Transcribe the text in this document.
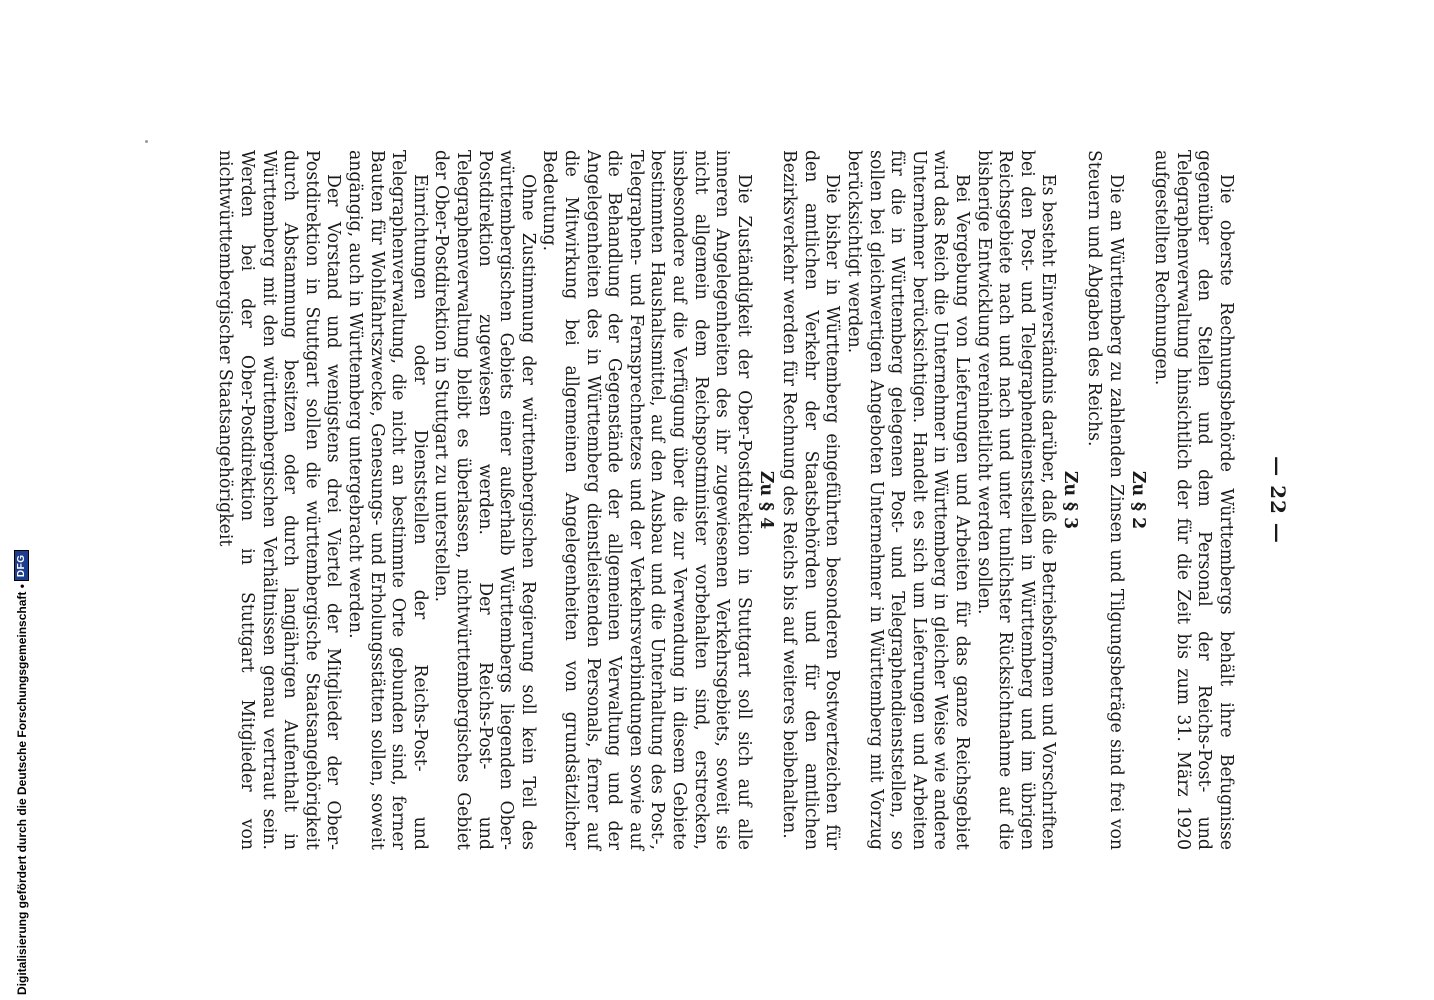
— 22 —

Die oberste Rechnungsbehörde Württembergs behält ihre Befugnisse gegenüber den Stellen und dem Personal der Reichs-Post- und Telegraphenverwaltung hinsichtlich der für die Zeit bis zum 31. März 1920 aufgestellten Rechnungen.

Zu § 2

Die an Württemberg zu zahlenden Zinsen und Tilgungsbeträge sind frei von Steuern und Abgaben des Reichs.

Zu § 3

Es besteht Einverständnis darüber, daß die Betriebsformen und Vorschriften bei den Post- und Telegraphendienststellen in Württemberg und im übrigen Reichsgebiete nach und nach und unter tunlichster Rücksichtnahme auf die bisherige Entwicklung vereinheitlicht werden sollen.

Bei Vergebung von Lieferungen und Arbeiten für das ganze Reichsgebiet wird das Reich die Unternehmer in Württemberg in gleicher Weise wie andere Unternehmer berücksichtigen. Handelt es sich um Lieferungen und Arbeiten für die in Württemberg gelegenen Post- und Telegraphendienststellen, so sollen bei gleichwertigen Angeboten Unternehmer in Württemberg mit Vorzug berücksichtigt werden.

Die bisher in Württemberg eingeführten besonderen Postwertzeichen für den amtlichen Verkehr der Staatsbehörden und für den amtlichen Bezirksverkehr werden für Rechnung des Reichs bis auf weiteres beibehalten.

Zu § 4

Die Zuständigkeit der Ober-Postdirektion in Stuttgart soll sich auf alle inneren Angelegenheiten des ihr zugewiesenen Verkehrsgebiets, soweit sie nicht allgemein dem Reichspostminister vorbehalten sind, erstrecken, insbesondere auf die Verfügung über die zur Verwendung in diesem Gebiete bestimmten Haushaltsmittel, auf den Ausbau und die Unterhaltung des Post-, Telegraphen- und Fernsprechnetzes und der Verkehrsverbindungen sowie auf die Behandlung der Gegenstände der allgemeinen Verwaltung und der Angelegenheiten des in Württemberg dienstleistenden Personals, ferner auf die Mitwirkung bei allgemeinen Angelegenheiten von grundsätzlicher Bedeutung.

Ohne Zustimmung der württembergischen Regierung soll kein Teil des württembergischen Gebiets einer außerhalb Württembergs liegenden Ober-Postdirektion zugewiesen werden. Der Reichs-Post- und Telegraphenverwaltung bleibt es überlassen, nichtwürttembergisches Gebiet der Ober-Postdirektion in Stuttgart zu unterstellen.

Einrichtungen oder Dienststellen der Reichs-Post- und Telegraphenverwaltung, die nicht an bestimmte Orte gebunden sind, ferner Bauten für Wohlfahrtszwecke, Genesungs- und Erholungsstätten sollen, soweit angängig, auch in Württemberg untergebracht werden.

Der Vorstand und wenigstens drei Viertel der Mitglieder der Ober-Postdirektion in Stuttgart sollen die württembergische Staatsangehörigkeit durch Abstammung besitzen oder durch langjährigen Aufenthalt in Württemberg mit den württembergischen Verhältnissen genau vertraut sein. Werden bei der Ober-Postdirektion in Stuttgart Mitglieder von nichtwürttembergischer Staatsangehörigkeit

Digitalisierung gefördert durch die Deutsche Forschungsgemeinschaft •
DFG
